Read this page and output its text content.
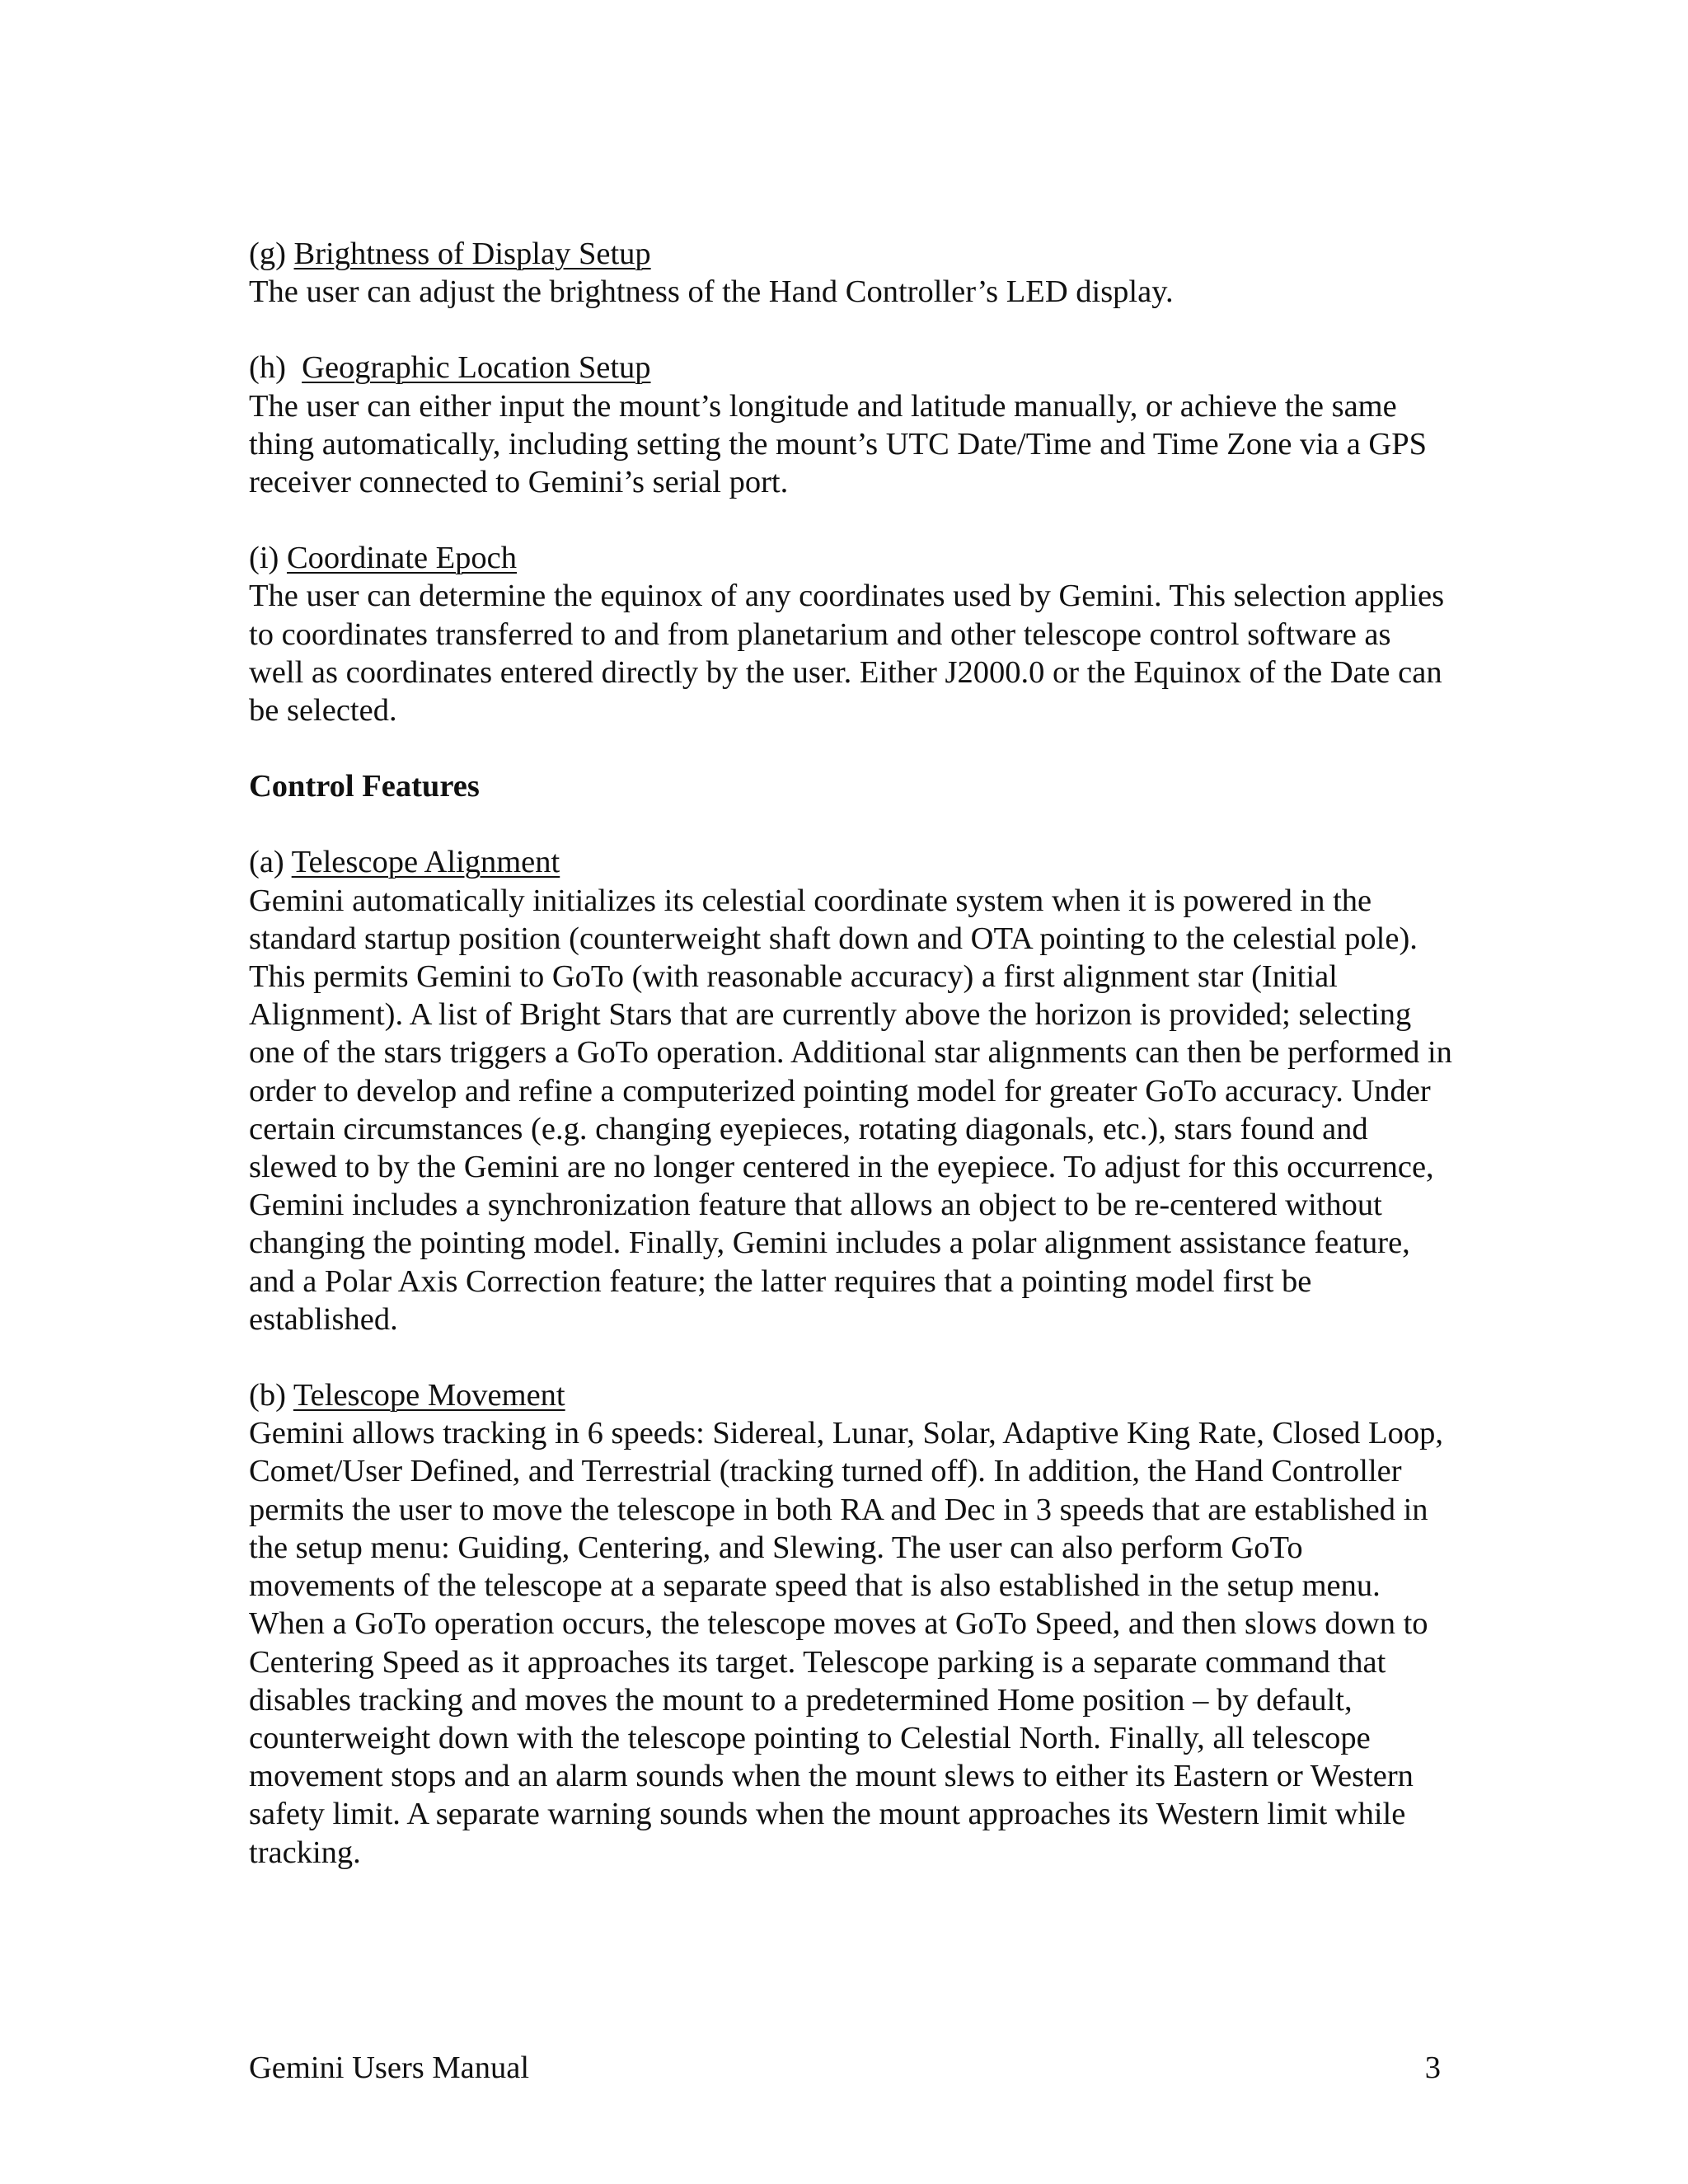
(g) Brightness of Display Setup

The user can adjust the brightness of the Hand Controller’s LED display.

(h) Geographic Location Setup

The user can either input the mount’s longitude and latitude manually, or achieve the same thing automatically, including setting the mount’s UTC Date/Time and Time Zone via a GPS receiver connected to Gemini’s serial port.

(i) Coordinate Epoch

The user can determine the equinox of any coordinates used by Gemini. This selection applies to coordinates transferred to and from planetarium and other telescope control software as well as coordinates entered directly by the user. Either J2000.0 or the Equinox of the Date can be selected.

Control Features

(a) Telescope Alignment

Gemini automatically initializes its celestial coordinate system when it is powered in the standard startup position (counterweight shaft down and OTA pointing to the celestial pole). This permits Gemini to GoTo (with reasonable accuracy) a first alignment star (Initial Alignment). A list of Bright Stars that are currently above the horizon is provided; selecting one of the stars triggers a GoTo operation. Additional star alignments can then be performed in order to develop and refine a computerized pointing model for greater GoTo accuracy. Under certain circumstances (e.g. changing eyepieces, rotating diagonals, etc.), stars found and slewed to by the Gemini are no longer centered in the eyepiece. To adjust for this occurrence, Gemini includes a synchronization feature that allows an object to be re-centered without changing the pointing model. Finally, Gemini includes a polar alignment assistance feature, and a Polar Axis Correction feature; the latter requires that a pointing model first be established.

(b) Telescope Movement

Gemini allows tracking in 6 speeds: Sidereal, Lunar, Solar, Adaptive King Rate, Closed Loop, Comet/User Defined, and Terrestrial (tracking turned off). In addition, the Hand Controller permits the user to move the telescope in both RA and Dec in 3 speeds that are established in the setup menu: Guiding, Centering, and Slewing. The user can also perform GoTo movements of the telescope at a separate speed that is also established in the setup menu. When a GoTo operation occurs, the telescope moves at GoTo Speed, and then slows down to Centering Speed as it approaches its target. Telescope parking is a separate command that disables tracking and moves the mount to a predetermined Home position – by default, counterweight down with the telescope pointing to Celestial North. Finally, all telescope movement stops and an alarm sounds when the mount slews to either its Eastern or Western safety limit. A separate warning sounds when the mount approaches its Western limit while tracking.

Gemini Users Manual	3
